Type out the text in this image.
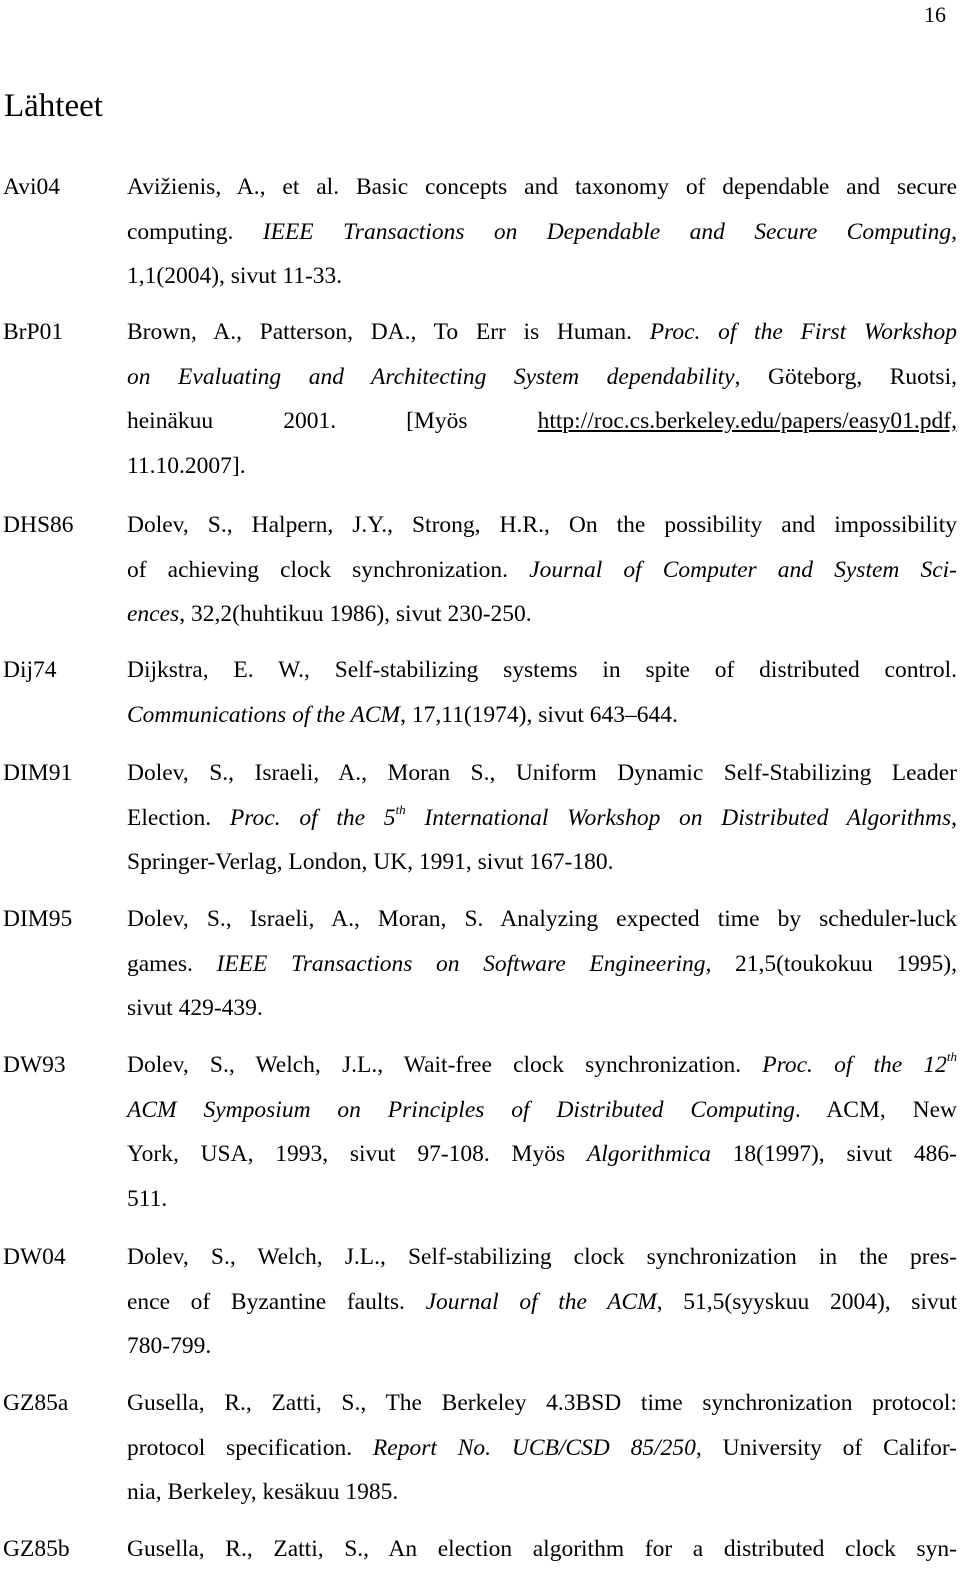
16
Lähteet
Avi04	Avižienis, A., et al. Basic concepts and taxonomy of dependable and secure
computing. IEEE Transactions on Dependable and Secure Computing,
1,1(2004), sivut 11-33.
BrP01	Brown, A., Patterson, DA., To Err is Human. Proc. of the First Workshop
on Evaluating and Architecting System dependability, Göteborg, Ruotsi,
heinäkuu 2001. [Myös http://roc.cs.berkeley.edu/papers/easy01.pdf,
11.10.2007].
DHS86 Dolev, S., Halpern, J.Y., Strong, H.R., On the possibility and impossibility
of achieving clock synchronization. Journal of Computer and System Sci-
ences, 32,2(huhtikuu 1986), sivut 230-250.
Dij74	Dijkstra, E. W., Self-stabilizing systems in spite of distributed control.
Communications of the ACM, 17,11(1974), sivut 643–644.
DIM91 Dolev, S., Israeli, A., Moran S., Uniform Dynamic Self-Stabilizing Leader
Election. Proc. of the 5th International Workshop on Distributed Algorithms,
Springer-Verlag, London, UK, 1991, sivut 167-180.
DIM95 Dolev, S., Israeli, A., Moran, S. Analyzing expected time by scheduler-luck
games. IEEE Transactions on Software Engineering, 21,5(toukokuu 1995),
sivut 429-439.
DW93	Dolev, S., Welch, J.L., Wait-free clock synchronization. Proc. of the 12th
ACM Symposium on Principles of Distributed Computing. ACM, New
York, USA, 1993, sivut 97-108. Myös Algorithmica 18(1997), sivut 486-
511.
DW04	Dolev, S., Welch, J.L., Self-stabilizing clock synchronization in the pres-
ence of Byzantine faults. Journal of the ACM, 51,5(syyskuu 2004), sivut
780-799.
GZ85a Gusella, R., Zatti, S., The Berkeley 4.3BSD time synchronization protocol:
protocol specification. Report No. UCB/CSD 85/250, University of Califor-
nia, Berkeley, kesäkuu 1985.
GZ85b Gusella, R., Zatti, S., An election algorithm for a distributed clock syn-
